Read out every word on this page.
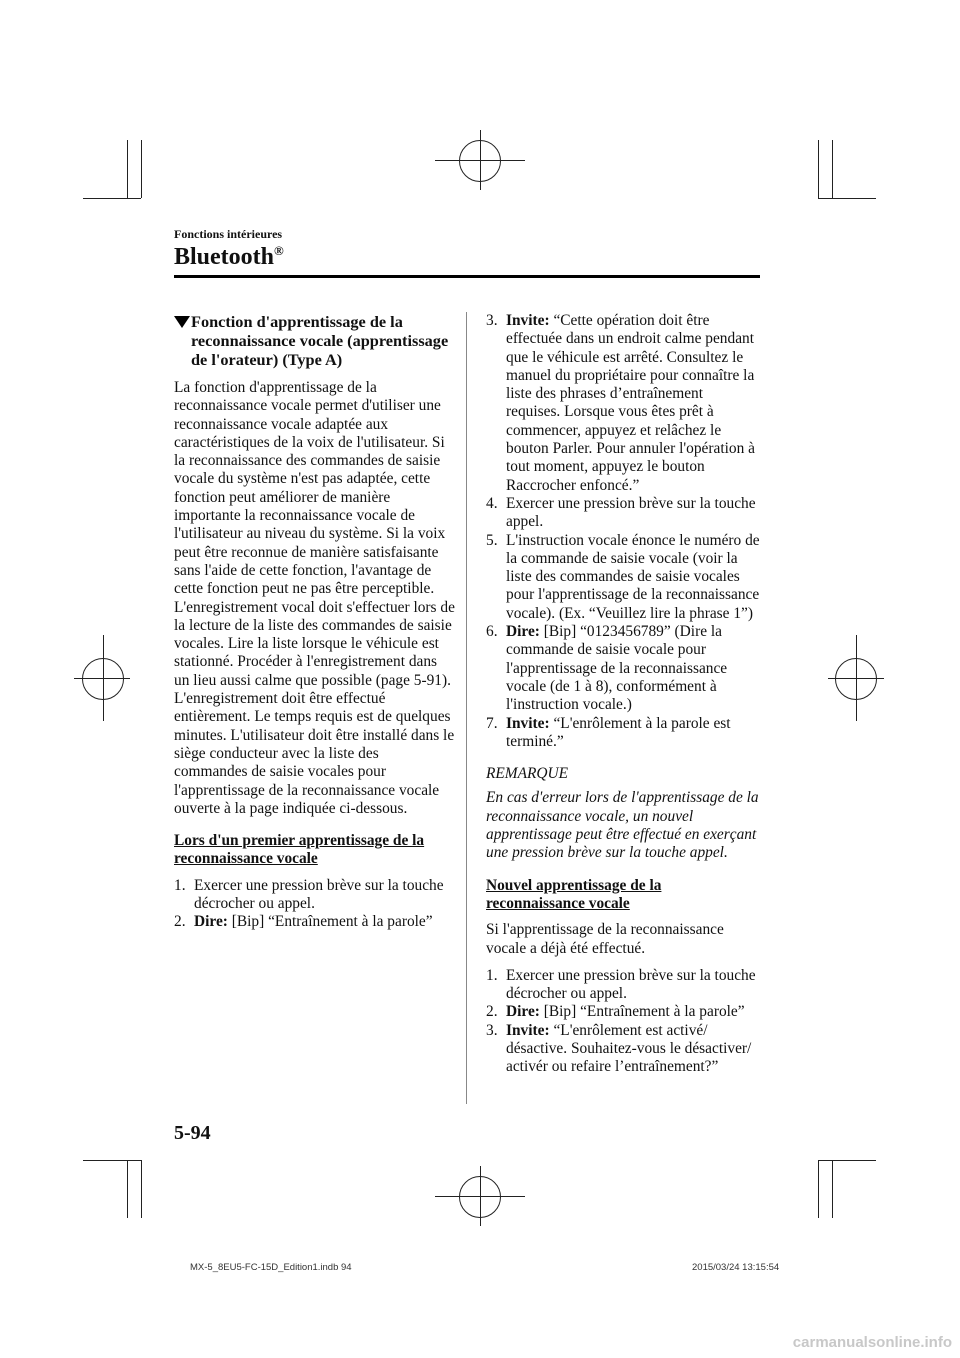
Fonctions intérieures
Bluetooth®
Fonction d'apprentissage de la reconnaissance vocale (apprentissage de l'orateur) (Type A)

La fonction d'apprentissage de la reconnaissance vocale permet d'utiliser une reconnaissance vocale adaptée aux caractéristiques de la voix de l'utilisateur. Si la reconnaissance des commandes de saisie vocale du système n'est pas adaptée, cette fonction peut améliorer de manière importante la reconnaissance vocale de l'utilisateur au niveau du système. Si la voix peut être reconnue de manière satisfaisante sans l'aide de cette fonction, l'avantage de cette fonction peut ne pas être perceptible. L'enregistrement vocal doit s'effectuer lors de la lecture de la liste des commandes de saisie vocales. Lire la liste lorsque le véhicule est stationné. Procéder à l'enregistrement dans un lieu aussi calme que possible (page 5-91). L'enregistrement doit être effectué entièrement. Le temps requis est de quelques minutes. L'utilisateur doit être installé dans le siège conducteur avec la liste des commandes de saisie vocales pour l'apprentissage de la reconnaissance vocale ouverte à la page indiquée ci-dessous.

Lors d'un premier apprentissage de la reconnaissance vocale
1. Exercer une pression brève sur la touche décrocher ou appel.
2. Dire: [Bip] “Entraînement à la parole”
3. Invite: “Cette opération doit être effectuée dans un endroit calme pendant que le véhicule est arrêté. Consultez le manuel du propriétaire pour connaître la liste des phrases d’entraînement requises. Lorsque vous êtes prêt à commencer, appuyez et relâchez le bouton Parler. Pour annuler l'opération à tout moment, appuyez le bouton Raccrocher enfoncé.”
4. Exercer une pression brève sur la touche appel.
5. L'instruction vocale énonce le numéro de la commande de saisie vocale (voir la liste des commandes de saisie vocales pour l'apprentissage de la reconnaissance vocale). (Ex. “Veuillez lire la phrase 1”)
6. Dire: [Bip] “0123456789” (Dire la commande de saisie vocale pour l'apprentissage de la reconnaissance vocale (de 1 à 8), conformément à l'instruction vocale.)
7. Invite: “L'enrôlement à la parole est terminé.”
REMARQUE
En cas d'erreur lors de l'apprentissage de la reconnaissance vocale, un nouvel apprentissage peut être effectué en exerçant une pression brève sur la touche appel.
Nouvel apprentissage de la reconnaissance vocale

Si l'apprentissage de la reconnaissance vocale a déjà été effectué.

1. Exercer une pression brève sur la touche décrocher ou appel.
2. Dire: [Bip] “Entraînement à la parole”
3. Invite: “L'enrôlement est activé/ désactive. Souhaitez-vous le désactiver/ activér ou refaire l’entraînement?”
5-94
MX-5_8EU5-FC-15D_Edition1.indb 94	2015/03/24 13:15:54
carmanualsonline.info
